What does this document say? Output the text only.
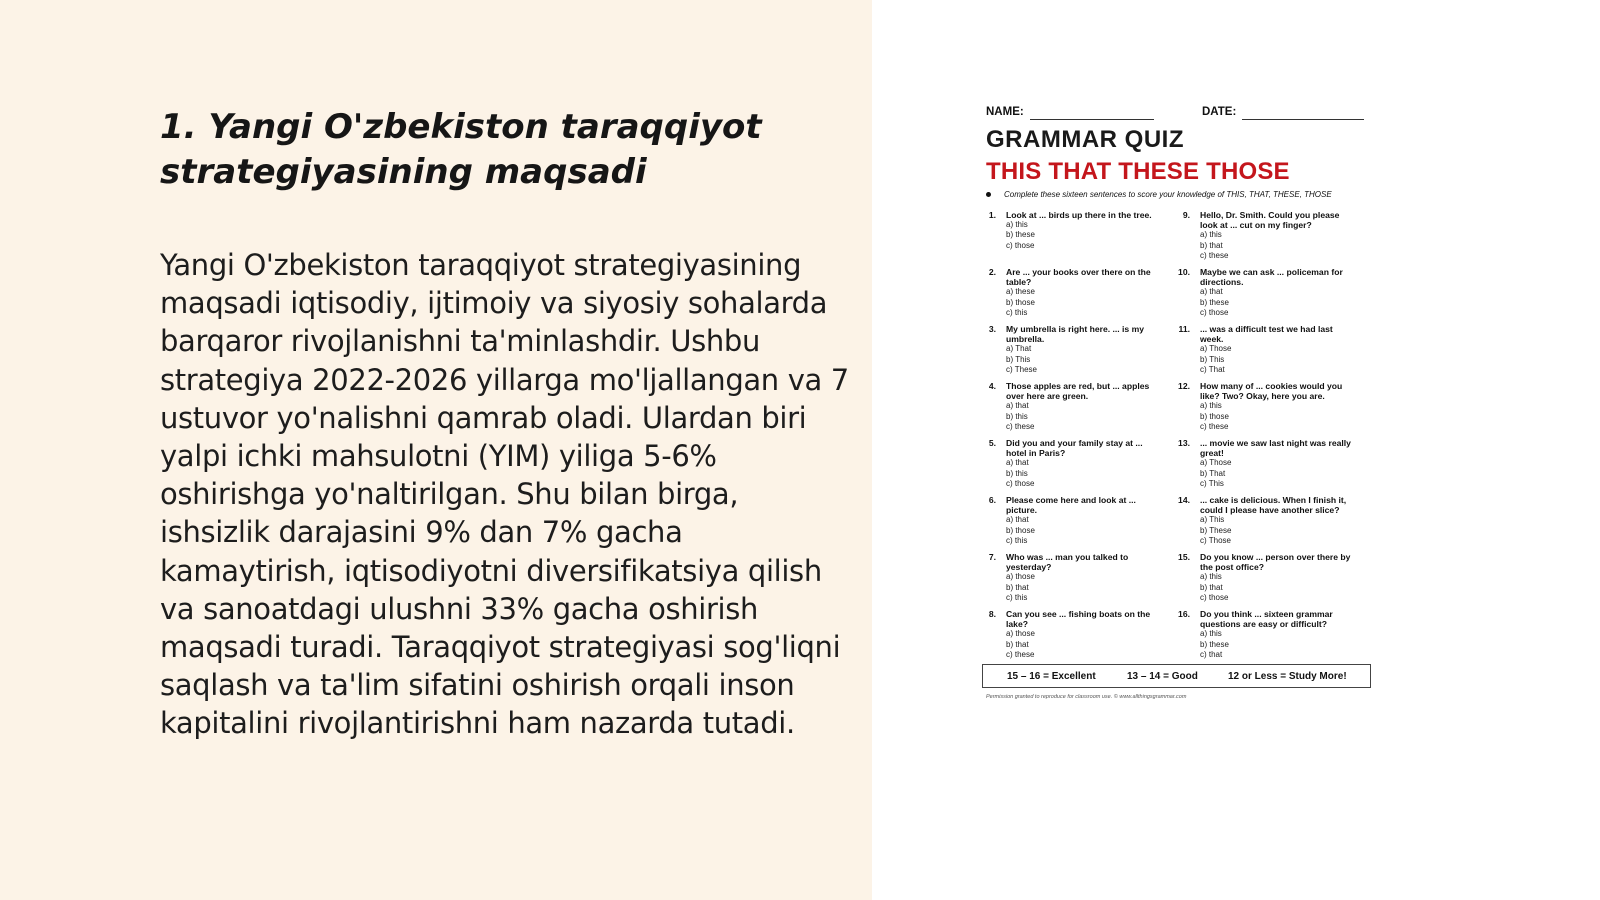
1. Yangi O'zbekiston taraqqiyot strategiyasining maqsadi

Yangi O'zbekiston taraqqiyot strategiyasining maqsadi iqtisodiy, ijtimoiy va siyosiy sohalarda barqaror rivojlanishni ta'minlashdir. Ushbu strategiya 2022-2026 yillarga mo'ljallangan va 7 ustuvor yo'nalishni qamrab oladi. Ulardan biri yalpi ichki mahsulotni (YIM) yiliga 5-6% oshirishga yo'naltirilgan. Shu bilan birga, ishsizlik darajasini 9% dan 7% gacha kamaytirish, iqtisodiyotni diversifikatsiya qilish va sanoatdagi ulushni 33% gacha oshirish maqsadi turadi. Taraqqiyot strategiyasi sog'liqni saqlash va ta'lim sifatini oshirish orqali inson kapitalini rivojlantirishni ham nazarda tutadi.

NAME:	DATE:
GRAMMAR QUIZ
THIS THAT THESE THOSE
Complete these sixteen sentences to score your knowledge of THIS, THAT, THESE, THOSE
1. Look at ... birds up there in the tree.
a) this
b) these
c) those
2. Are ... your books over there on the table?
a) these
b) those
c) this
3. My umbrella is right here. ... is my umbrella.
a) That
b) This
c) These
4. Those apples are red, but ... apples over here are green.
a) that
b) this
c) these
5. Did you and your family stay at ... hotel in Paris?
a) that
b) this
c) those
6. Please come here and look at ... picture.
a) that
b) those
c) this
7. Who was ... man you talked to yesterday?
a) those
b) that
c) this
8. Can you see ... fishing boats on the lake?
a) those
b) that
c) these
9. Hello, Dr. Smith. Could you please look at ... cut on my finger?
a) this
b) that
c) these
10. Maybe we can ask ... policeman for directions.
a) that
b) these
c) those
11. ... was a difficult test we had last week.
a) Those
b) This
c) That
12. How many of ... cookies would you like? Two? Okay, here you are.
a) this
b) those
c) these
13. ... movie we saw last night was really great!
a) Those
b) That
c) This
14. ... cake is delicious. When I finish it, could I please have another slice?
a) This
b) These
c) Those
15. Do you know ... person over there by the post office?
a) this
b) that
c) those
16. Do you think ... sixteen grammar questions are easy or difficult?
a) this
b) these
c) that
15 – 16 = Excellent	13 – 14 = Good	12 or Less = Study More!
Permission granted to reproduce for classroom use. © www.allthingsgrammar.com
